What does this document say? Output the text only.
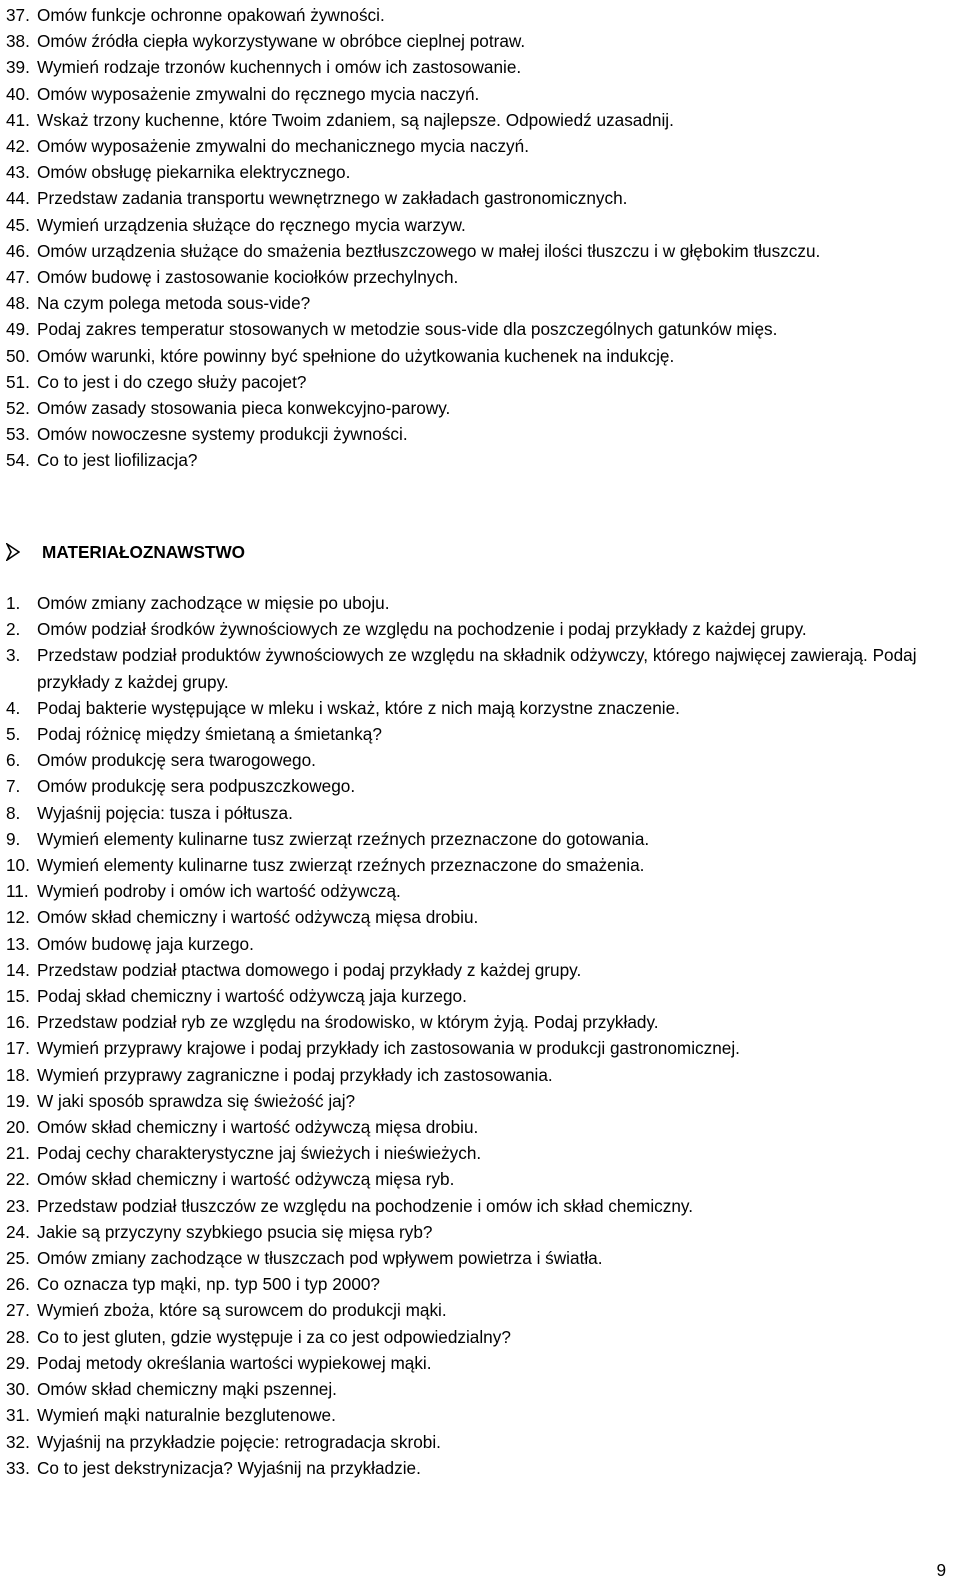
37. Omów funkcje ochronne opakowań żywności.
38. Omów źródła ciepła wykorzystywane w obróbce cieplnej potraw.
39. Wymień rodzaje trzonów kuchennych i omów ich zastosowanie.
40. Omów wyposażenie zmywalni do ręcznego mycia naczyń.
41. Wskaż trzony kuchenne, które Twoim zdaniem, są najlepsze. Odpowiedź uzasadnij.
42. Omów wyposażenie zmywalni do mechanicznego mycia naczyń.
43. Omów obsługę piekarnika elektrycznego.
44. Przedstaw zadania transportu wewnętrznego w zakładach gastronomicznych.
45. Wymień urządzenia służące do ręcznego mycia warzyw.
46. Omów urządzenia służące do smażenia beztłuszczowego w małej ilości tłuszczu i w głębokim tłuszczu.
47. Omów budowę i zastosowanie kociołków przechylnych.
48. Na czym polega metoda sous-vide?
49. Podaj zakres temperatur stosowanych w metodzie sous-vide dla poszczególnych gatunków mięs.
50. Omów warunki, które powinny być spełnione do użytkowania kuchenek na indukcję.
51. Co to jest i do czego służy pacojet?
52. Omów zasady stosowania pieca konwekcyjno-parowy.
53. Omów nowoczesne systemy produkcji żywności.
54. Co to jest liofilizacja?
MATERIAŁOZNAWSTWO
1. Omów zmiany zachodzące w mięsie po uboju.
2. Omów podział środków żywnościowych ze względu na pochodzenie i podaj przykłady z każdej grupy.
3. Przedstaw podział produktów żywnościowych ze względu na składnik odżywczy, którego najwięcej zawierają. Podaj przykłady z każdej grupy.
4. Podaj bakterie występujące w mleku i wskaż, które z nich mają korzystne znaczenie.
5. Podaj różnicę między śmietaną a śmietanką?
6. Omów produkcję sera twarogowego.
7. Omów produkcję sera podpuszczkowego.
8. Wyjaśnij pojęcia: tusza i półtusza.
9. Wymień elementy kulinarne tusz zwierząt rzeźnych przeznaczone do gotowania.
10. Wymień elementy kulinarne tusz zwierząt rzeźnych przeznaczone do smażenia.
11. Wymień podroby i omów ich wartość odżywczą.
12. Omów skład chemiczny i wartość odżywczą mięsa drobiu.
13. Omów budowę jaja kurzego.
14. Przedstaw podział ptactwa domowego i podaj przykłady z każdej grupy.
15. Podaj skład chemiczny i wartość odżywczą jaja kurzego.
16. Przedstaw podział ryb ze względu na środowisko, w którym żyją. Podaj przykłady.
17. Wymień przyprawy krajowe i podaj przykłady ich zastosowania w produkcji gastronomicznej.
18. Wymień przyprawy zagraniczne i podaj przykłady ich zastosowania.
19. W jaki sposób sprawdza się świeżość jaj?
20. Omów skład chemiczny i wartość odżywczą mięsa drobiu.
21. Podaj cechy charakterystyczne jaj świeżych i nieświeżych.
22. Omów skład chemiczny i wartość odżywczą mięsa ryb.
23. Przedstaw podział tłuszczów ze względu na pochodzenie i omów ich skład chemiczny.
24. Jakie są przyczyny szybkiego psucia się mięsa ryb?
25. Omów zmiany zachodzące w tłuszczach pod wpływem powietrza i światła.
26. Co oznacza typ mąki, np. typ 500 i typ 2000?
27. Wymień zboża, które są surowcem do produkcji mąki.
28. Co to jest gluten, gdzie występuje i za co jest odpowiedzialny?
29. Podaj metody określania wartości wypiekowej mąki.
30. Omów skład chemiczny mąki pszennej.
31. Wymień mąki naturalnie bezglutenowe.
32. Wyjaśnij na przykładzie pojęcie: retrogradacja skrobi.
33. Co to jest dekstrynizacja? Wyjaśnij na przykładzie.
9
